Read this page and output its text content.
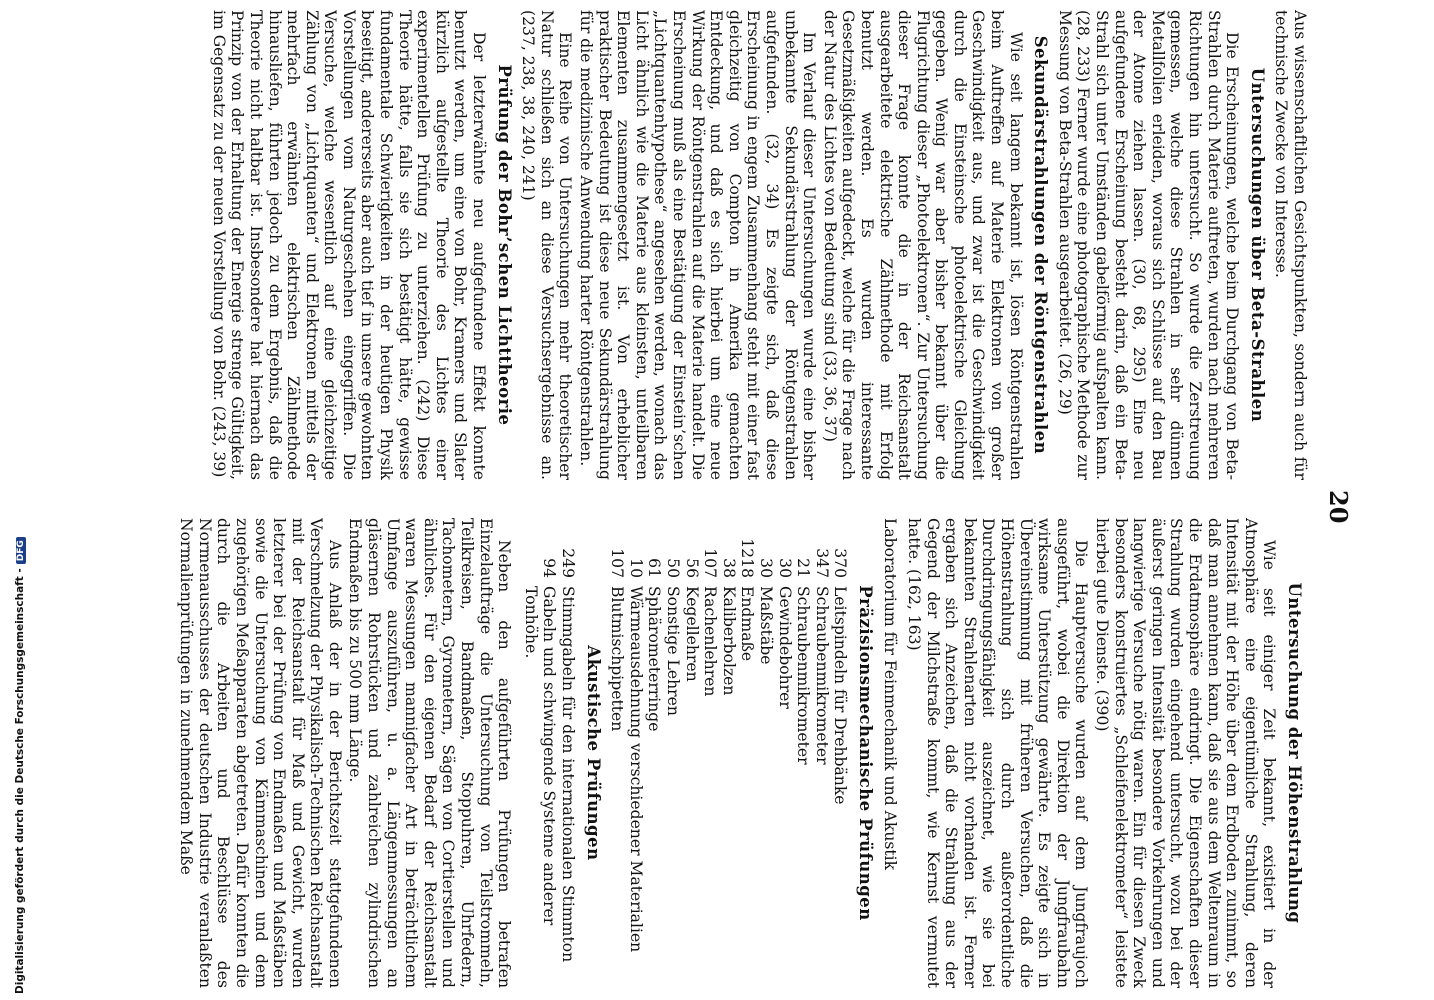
20

Aus wissenschaftlichen Gesichtspunkten, sondern auch für technische Zwecke von Interesse.

Untersuchungen über Beta-Strahlen

Die Erscheinungen, welche beim Durchgang von Beta-Strahlen durch Materie auftreten, wurden nach mehreren Richtungen hin untersucht. So wurde die Zerstreuung gemessen, welche diese Strahlen in sehr dünnen Metallfolien erleiden, woraus sich Schlüsse auf den Bau der Atome ziehen lassen. (30, 68, 295) Eine neu aufgefundene Erscheinung besteht darin, daß ein Beta-Strahl sich unter Umständen gabelförmig aufspalten kann. (28, 233) Ferner wurde eine photographische Methode zur Messung von Beta-Strahlen ausgearbeitet. (26, 29)

Sekundärstrahlungen der Röntgenstrahlen

Wie seit langem bekannt ist, lösen Röntgenstrahlen beim Auftreffen auf Materie Elektronen von großer Geschwindigkeit aus, und zwar ist die Geschwindigkeit durch die Einsteinsche photoelektrische Gleichung gegeben. Wenig war aber bisher bekannt über die Flugrichtung dieser „Photoelektronen“. Zur Untersuchung dieser Frage konnte die in der Reichsanstalt ausgearbeitete elektrische Zählmethode mit Erfolg benutzt werden. Es wurden interessante Gesetzmäßigkeiten aufgedeckt, welche für die Frage nach der Natur des Lichtes von Bedeutung sind (33, 36, 37)

Im Verlauf dieser Untersuchungen wurde eine bisher unbekannte Sekundärstrahlung der Röntgenstrahlen aufgefunden. (32, 34) Es zeigte sich, daß diese Erscheinung in engem Zusammenhang steht mit einer fast gleichzeitig von Compton in Amerika gemachten Entdeckung, und daß es sich hierbei um eine neue Wirkung der Röntgenstrahlen auf die Materie handelt. Die Erscheinung muß als eine Bestätigung der Einstein’schen „Lichtquantenhypothese“ angesehen werden, wonach das Licht ähnlich wie die Materie aus kleinsten, unteilbaren Elementen zusammengesetzt ist. Von erheblicher praktischer Bedeutung ist diese neue Sekundärstrahlung für die medizinische Anwendung harter Röntgenstrahlen.

Eine Reihe von Untersuchungen mehr theoretischer Natur schließen sich an diese Versuchsergebnisse an. (237, 238, 38, 240, 241)

Prüfung der Bohr’schen Lichttheorie

Der letzterwähnte neu aufgefundene Effekt konnte benutzt werden, um eine von Bohr, Kramers und Slater kürzlich aufgestellte Theorie des Lichtes einer experimentellen Prüfung zu unterziehen. (242) Diese Theorie hätte, falls sie sich bestätigt hätte, gewisse fundamentale Schwierigkeiten in der heutigen Physik beseitigt, andererseits aber auch tief in unsere gewohnten Vorstellungen vom Naturgeschehen eingegriffen. Die Versuche, welche wesentlich auf eine gleichzeitige Zählung von „Lichtquanten“ und Elektronen mittels der mehrfach erwähnten elektrischen Zählmethode hinausliefen, führten jedoch zu dem Ergebnis, daß die Theorie nicht haltbar ist. Insbesondere hat hiernach das Prinzip von der Erhaltung der Energie strenge Gültigkeit, im Gegensatz zu der neuen Vorstellung von Bohr. (243, 39)

Untersuchung der Höhenstrahlung

Wie seit einiger Zeit bekannt, existiert in der Atmosphäre eine eigentümliche Strahlung, deren Intensität mit der Höhe über dem Erdboden zunimmt, so daß man annehmen kann, daß sie aus dem Weltenraum in die Erdatmosphäre eindringt. Die Eigenschaften dieser Strahlung wurden eingehend untersucht, wozu bei der äußerst geringen Intensität besondere Vorkehrungen und langwierige Versuche nötig waren. Ein für diesen Zweck besonders konstruiertes „Schleifenelektrometer“ leistete hierbei gute Dienste. (390)

Die Hauptversuche wurden auf dem Jungfraujoch ausgeführt, wobei die Direktion der Jungfraubahn wirksame Unterstützung gewährte. Es zeigte sich in Übereinstimmung mit früheren Versuchen, daß die Höhenstrahlung sich durch außerordentliche Durchdringungsfähigkeit auszeichnet, wie sie bei bekannten Strahlenarten nicht vorhanden ist. Ferner ergaben sich Anzeichen, daß die Strahlung aus der Gegend der Milchstraße kommt, wie Kernst vermutet hatte. (162, 163)

Laboratorium für Feinmechanik und Akustik
Präzisionsmechanische Prüfungen
370
Leitspindeln für Drehbänke
347
Schraubenmikrometer
21
Schraubenmikrometer
30
Gewindebohrer
30
Maßstäbe
1218
Endmaße
38
Kaliberbolzen
107
Rachenlehren
56
Kegellehren
50
Sonstige Lehren
61
Sphärometerringe
10
Wärmeausdehnung verschiedener Materialien
107
Blutmischpipetten
Akustische Prüfungen
249
Stimmgabeln für den internationalen Stimmton
94
Gabeln und schwingende Systeme anderer Tonhöhe.

Neben den aufgeführten Prüfungen betrafen Einzelaufträge die Untersuchung von Teilstrommeln, Teilkreisen, Bandmaßen, Stoppuhren, Uhrfedern, Tachometern, Gyrometern, Sägen von Cortierstellen und ähnliches. Für den eigenen Bedarf der Reichsanstalt waren Messungen mannigfacher Art in beträchtlichem Umfange auszuführen, u. a. Längenmessungen an gläsernen Rohrstücken und zahlreichen zylindrischen Endmaßen bis zu 500 mm Länge.

Aus Anlaß der in der Berichtszeit stattgefundenen Verschmelzung der Physikalisch-Technischen Reichsanstalt mit der Reichsanstalt für Maß und Gewicht, wurden letzterer bei der Prüfung von Endmaßen und Maßstäben sowie die Untersuchung von Kämmaschinen und dem zugehörigen Meßapparaten abgetreten. Dafür konnten die durch die Arbeiten und Beschlüsse des Normenausschusses der deutschen Industrie veranlaßten Normalienprüfungen in zunehmendem Maße

Digitalisierung gefördert durch die Deutsche Forschungsgemeinschaft -DFG
